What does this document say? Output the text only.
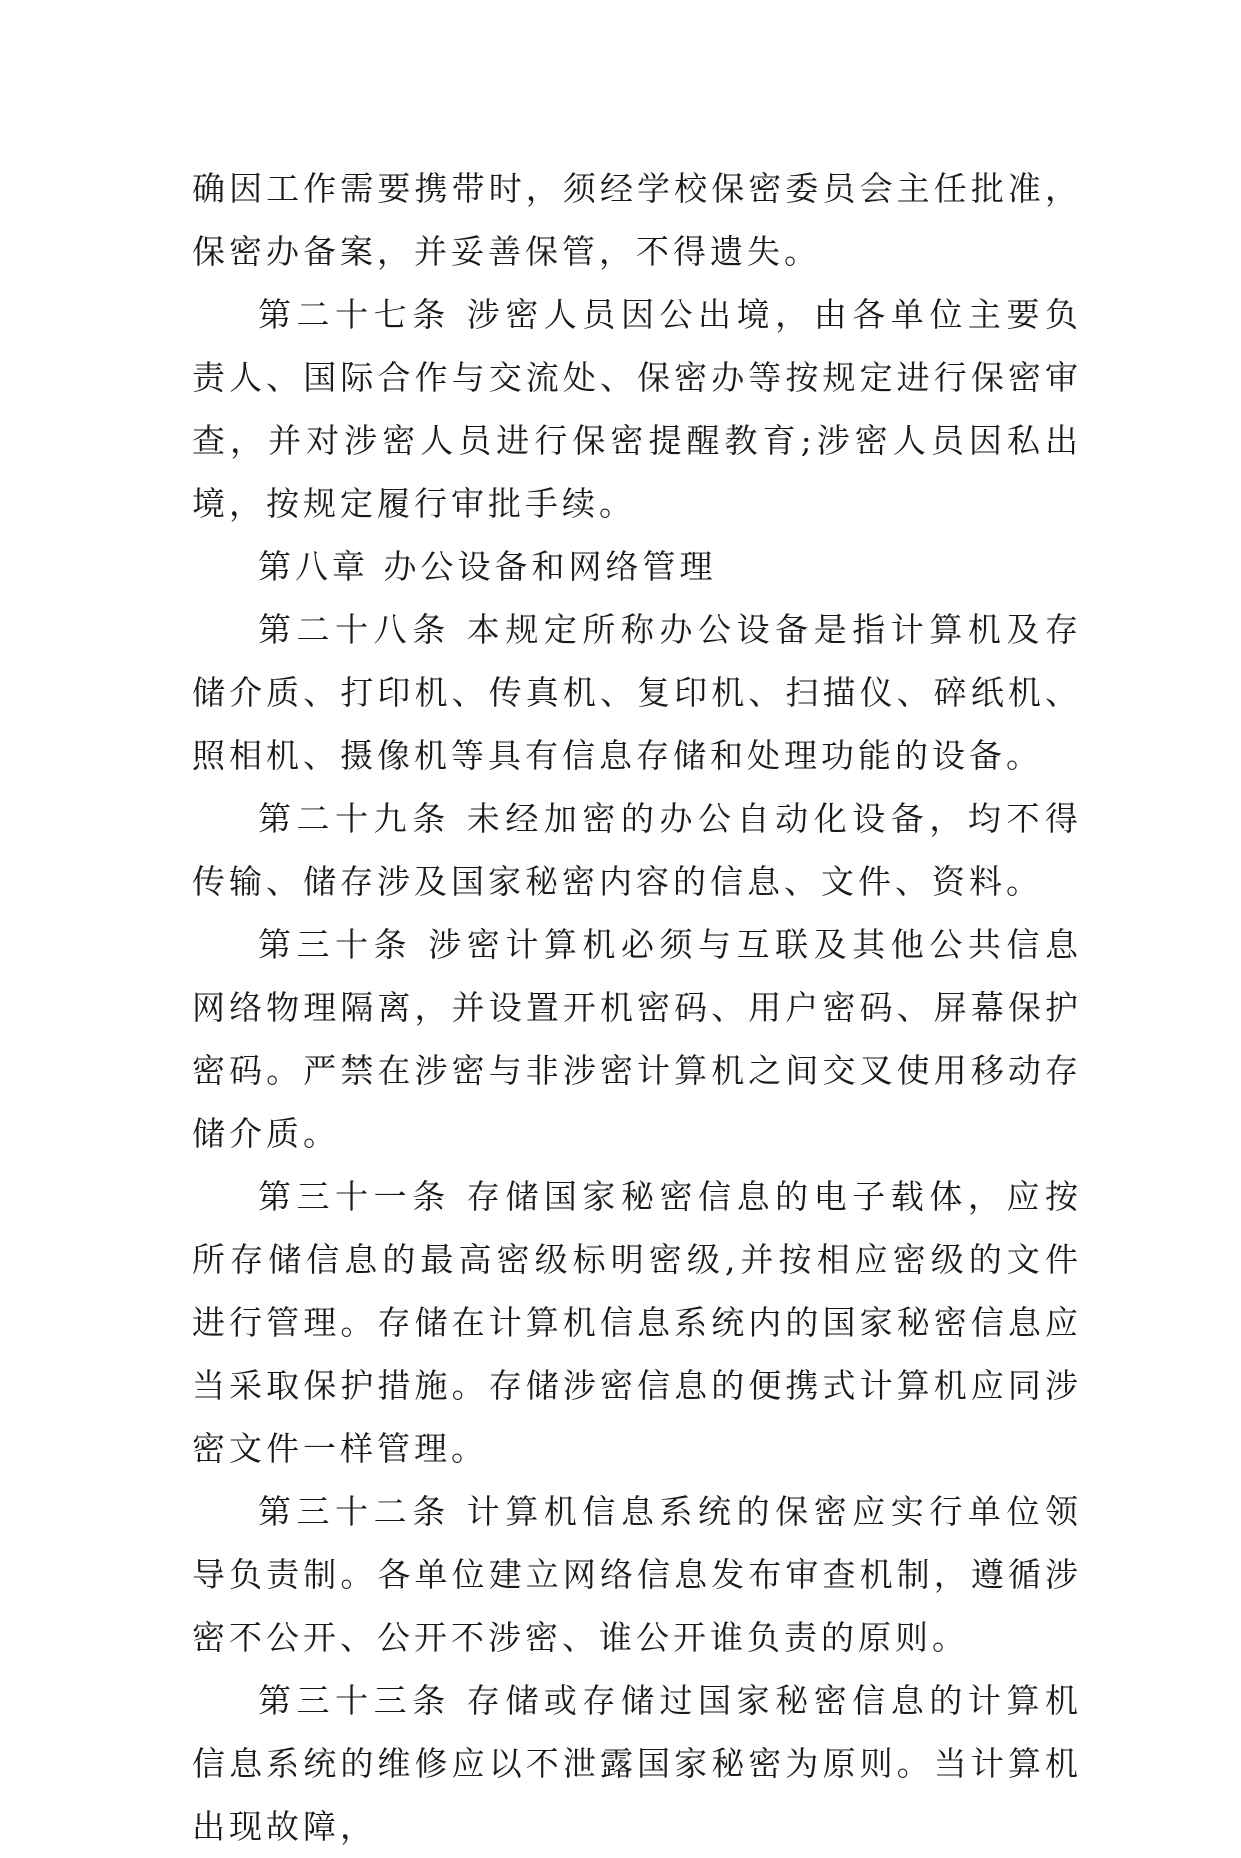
确因工作需要携带时，须经学校保密委员会主任批准，保密办备案，并妥善保管，不得遗失。

第二十七条 涉密人员因公出境，由各单位主要负责人、国际合作与交流处、保密办等按规定进行保密审查，并对涉密人员进行保密提醒教育;涉密人员因私出境，按规定履行审批手续。

第八章 办公设备和网络管理

第二十八条 本规定所称办公设备是指计算机及存储介质、打印机、传真机、复印机、扫描仪、碎纸机、照相机、摄像机等具有信息存储和处理功能的设备。

第二十九条 未经加密的办公自动化设备，均不得传输、储存涉及国家秘密内容的信息、文件、资料。

第三十条 涉密计算机必须与互联及其他公共信息网络物理隔离，并设置开机密码、用户密码、屏幕保护密码。严禁在涉密与非涉密计算机之间交叉使用移动存储介质。

第三十一条 存储国家秘密信息的电子载体，应按所存储信息的最高密级标明密级,并按相应密级的文件进行管理。存储在计算机信息系统内的国家秘密信息应当采取保护措施。存储涉密信息的便携式计算机应同涉密文件一样管理。

第三十二条 计算机信息系统的保密应实行单位领导负责制。各单位建立网络信息发布审查机制，遵循涉密不公开、公开不涉密、谁公开谁负责的原则。

第三十三条 存储或存储过国家秘密信息的计算机信息系统的维修应以不泄露国家秘密为原则。当计算机出现故障，
